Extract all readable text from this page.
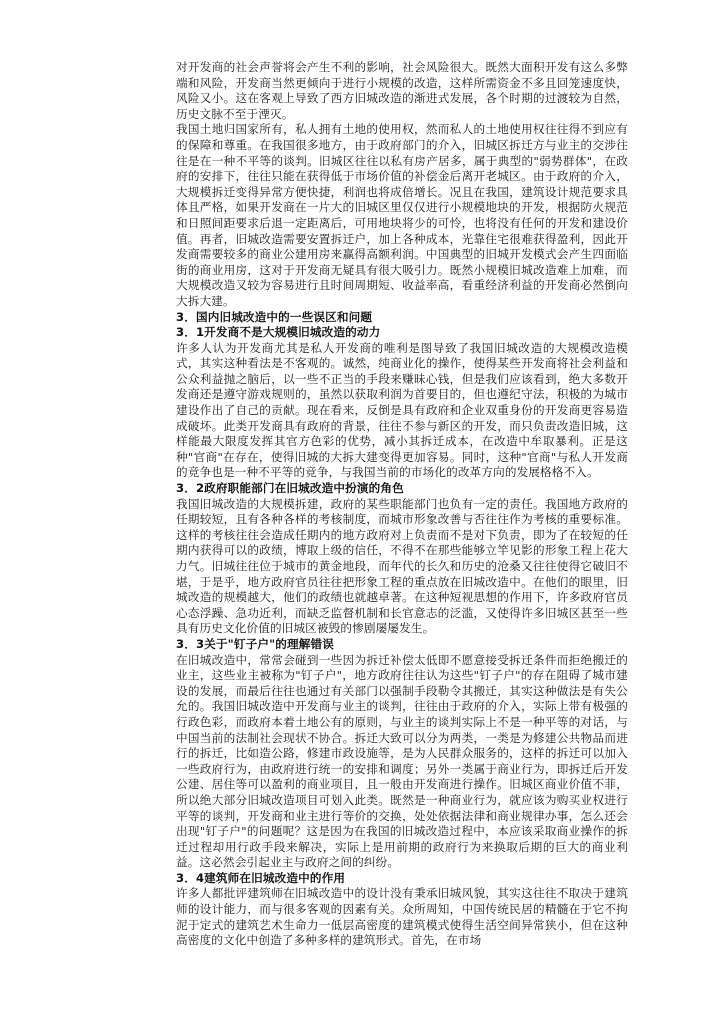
对开发商的社会声誉将会产生不利的影响，社会风险很大。既然大面积开发有这么多弊端和风险，开发商当然更倾向于进行小规模的改造，这样所需资金不多且回笼速度快，风险又小。这在客观上导致了西方旧城改造的渐进式发展，各个时期的过渡较为自然，历史文脉不至于湮灭。

我国土地归国家所有，私人拥有土地的使用权，然而私人的土地使用权往往得不到应有的保障和尊重。在我国很多地方，由于政府部门的介入，旧城区拆迁方与业主的交涉往往是在一种不平等的谈判。旧城区往往以私有房产居多，属于典型的"弱势群体"，在政府的安排下，往往只能在获得低于市场价值的补偿金后离开老城区。由于政府的介入，大规模拆迁变得异常方便快捷，利润也将成倍增长。况且在我国，建筑设计规范要求具体且严格，如果开发商在一片大的旧城区里仅仅进行小规模地块的开发，根据防火规范和日照间距要求后退一定距离后，可用地块将少的可怜，也将没有任何的开发和建设价值。再者，旧城改造需要安置拆迁户，加上各种成本，光靠住宅很难获得盈利，因此开发商需要较多的商业公建用房来赢得高额利润。中国典型的旧城开发模式会产生四面临街的商业用房，这对于开发商无疑具有很大吸引力。既然小规模旧城改造难上加难，而大规模改造又较为容易进行且时间周期短、收益率高，看重经济利益的开发商必然倒向大拆大建。

3．国内旧城改造中的一些误区和问题
3．1开发商不是大规模旧城改造的动力

许多人认为开发商尤其是私人开发商的唯利是图导致了我国旧城改造的大规模改造模式，其实这种看法是不客观的。诚然，纯商业化的操作，使得某些开发商将社会利益和公众利益抛之脑后，以一些不正当的手段来赚昧心钱，但是我们应该看到，绝大多数开发商还是遵守游戏规则的，虽然以获取利润为首要目的，但也遵纪守法，积极的为城市建设作出了自己的贡献。现在看来，反倒是具有政府和企业双重身份的开发商更容易造成破坏。此类开发商具有政府的背景，往往不参与新区的开发，而只负责改造旧城，这样能最大限度发挥其官方色彩的优势，减小其拆迁成本，在改造中牟取暴利。正是这种"官商"在存在，使得旧城的大拆大建变得更加容易。同时，这种"官商"与私人开发商的竞争也是一种不平等的竞争，与我国当前的市场化的改革方向的发展格格不入。

3．2政府职能部门在旧城改造中扮演的角色

我国旧城改造的大规模拆建，政府的某些职能部门也负有一定的责任。我国地方政府的任期较短，且有各种各样的考核制度，而城市形象改善与否往往作为考核的重要标准。这样的考核往往会造成任期内的地方政府对上负责而不是对下负责，即为了在较短的任期内获得可以的政绩，博取上级的信任，不得不在那些能够立竿见影的形象工程上花大力气。旧城往往位于城市的黄金地段，而年代的长久和历史的沧桑又往往使得它破旧不堪，于是乎，地方政府官员往往把形象工程的重点放在旧城改造中。在他们的眼里，旧城改造的规模越大，他们的政绩也就越卓著。在这种短视思想的作用下，许多政府官员心态浮躁、急功近利，而缺乏监督机制和长官意志的泛滥，又使得许多旧城区甚至一些具有历史文化价值的旧城区被毁的惨剧屡屡发生。

3．3关于"钉子户"的理解错误

在旧城改造中，常常会碰到一些因为拆迁补偿太低即不愿意接受拆迁条件而拒绝搬迁的业主，这些业主被称为"钉子户"，地方政府往往认为这些"钉子户"的存在阻碍了城市建设的发展，而最后往往也通过有关部门以强制手段勒令其搬迁，其实这种做法是有失公允的。我国旧城改造中开发商与业主的谈判，往往由于政府的介入，实际上带有极强的行政色彩，而政府本着土地公有的原则，与业主的谈判实际上不是一种平等的对话，与中国当前的法制社会现状不协合。拆迁大致可以分为两类，一类是为修建公共物品而进行的拆迁，比如造公路，修建市政设施等，是为人民群众服务的，这样的拆迁可以加入一些政府行为，由政府进行统一的安排和调度；另外一类属于商业行为，即拆迁后开发公建、居住等可以盈利的商业项目，且一般由开发商进行操作。旧城区商业价值不菲，所以绝大部分旧城改造项目可划入此类。既然是一种商业行为，就应该为购买业权进行平等的谈判，开发商和业主进行等价的交换，处处依据法律和商业规律办事，怎么还会出现"钉子户"的问题呢？这是因为在我国的旧城改造过程中，本应该采取商业操作的拆迁过程却用行政手段来解决，实际上是用前期的政府行为来换取后期的巨大的商业利益。这必然会引起业主与政府之间的纠纷。

3．4建筑师在旧城改造中的作用

许多人都批评建筑师在旧城改造中的设计没有秉承旧城风貌，其实这往往不取决于建筑师的设计能力，而与很多客观的因素有关。众所周知，中国传统民居的精髓在于它不拘泥于定式的建筑艺术生命力一低层高密度的建筑模式使得生活空间异常狭小，但在这种高密度的文化中创造了多种多样的建筑形式。首先，在市场
